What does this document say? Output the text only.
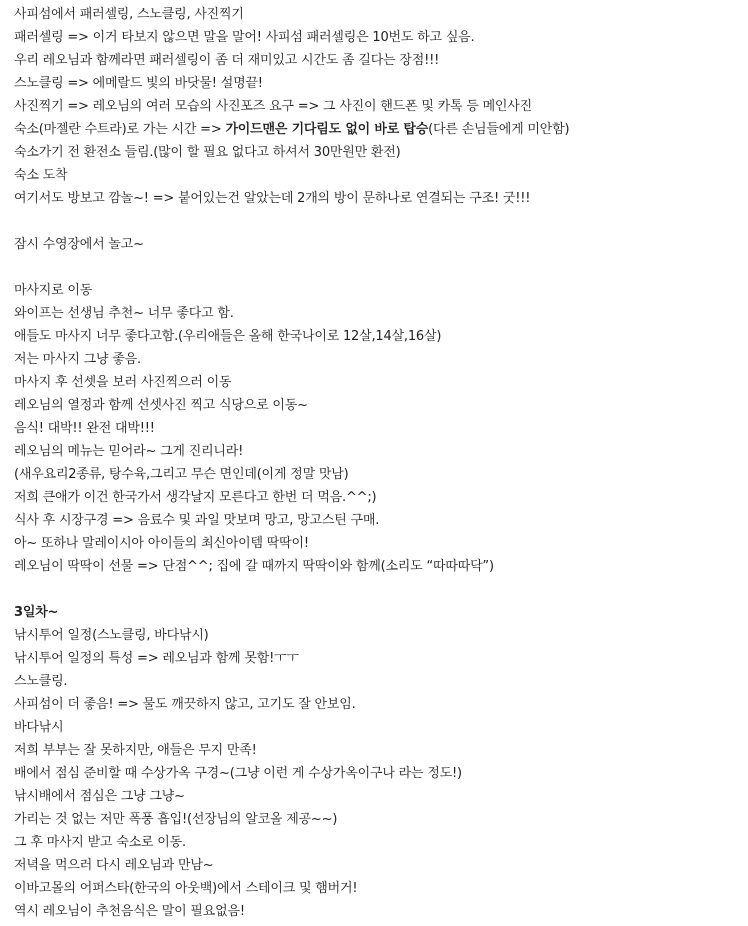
사피섬에서 패러셀링, 스노클링, 사진찍기
패러셀링 => 이거 타보지 않으면 말을 말어! 사피섬 패러셀링은 10번도 하고 싶음.
우리 레오님과 함께라면 패러셀링이 좀 더 재미있고 시간도 좀 길다는 장점!!!
스노클링 => 에메랄드 빛의 바닷물! 설명끝!
사진찍기 => 레오님의 여러 모습의 사진포즈 요구 => 그 사진이 핸드폰 및 카톡 등 메인사진
숙소(마젤란 수트라)로 가는 시간 => 가이드맨은 기다림도 없이 바로 탑승(다른 손님들에게 미안함)
숙소가기 전 환전소 들림.(많이 할 필요 없다고 하셔서 30만원만 환전)
숙소 도착
여기서도 방보고 깜놀~! => 붙어있는건 알았는데 2개의 방이 문하나로 연결되는 구조! 굿!!!
잠시 수영장에서 놀고~
마사지로 이동
와이프는 선생님 추천~ 너무 좋다고 함.
애들도 마사지 너무 좋다고함.(우리애들은 올해 한국나이로 12살,14살,16살)
저는 마사지 그냥 좋음.
마사지 후 선셋을 보러 사진찍으러 이동
레오님의 열정과 함께 선셋사진 찍고 식당으로 이동~
음식! 대박!! 완전 대박!!!
레오님의 메뉴는 믿어라~ 그게 진리니라!
(새우요리2종류, 탕수육,그리고 무슨 면인데(이게 정말 맛남)
저희 큰애가 이건 한국가서 생각날지 모른다고 한번 더 먹음.^^;)
식사 후 시장구경 => 음료수 및 과일 맛보며 망고, 망고스틴 구매.
아~ 또하나 말레이시아 아이들의 최신아이템 딱딱이!
레오님이 딱딱이 선물 => 단점^^; 집에 갈 때까지 딱딱이와 함께(소리도 “따따따닥”)
3일차~
낚시투어 일정(스노클링, 바다낚시)
낚시투어 일정의 특성 => 레오님과 함께 못함!ㅜㅜ
스노클링.
사피섬이 더 좋음! => 물도 깨끗하지 않고, 고기도 잘 안보임.
바다낚시
저희 부부는 잘 못하지만, 애들은 무지 만족!
배에서 점심 준비할 때 수상가옥 구경~(그냥 이런 게 수상가옥이구나 라는 정도!)
낚시배에서 점심은 그냥 그냥~
가리는 것 없는 저만 폭풍 흡입!(선장님의 알코올 제공~~)
그 후 마사지 받고 숙소로 이동.
저녁을 먹으러 다시 레오님과 만남~
이바고몰의 어퍼스타(한국의 아웃백)에서 스테이크 및 햄버거!
역시 레오님이 추천음식은 말이 필요없음!
